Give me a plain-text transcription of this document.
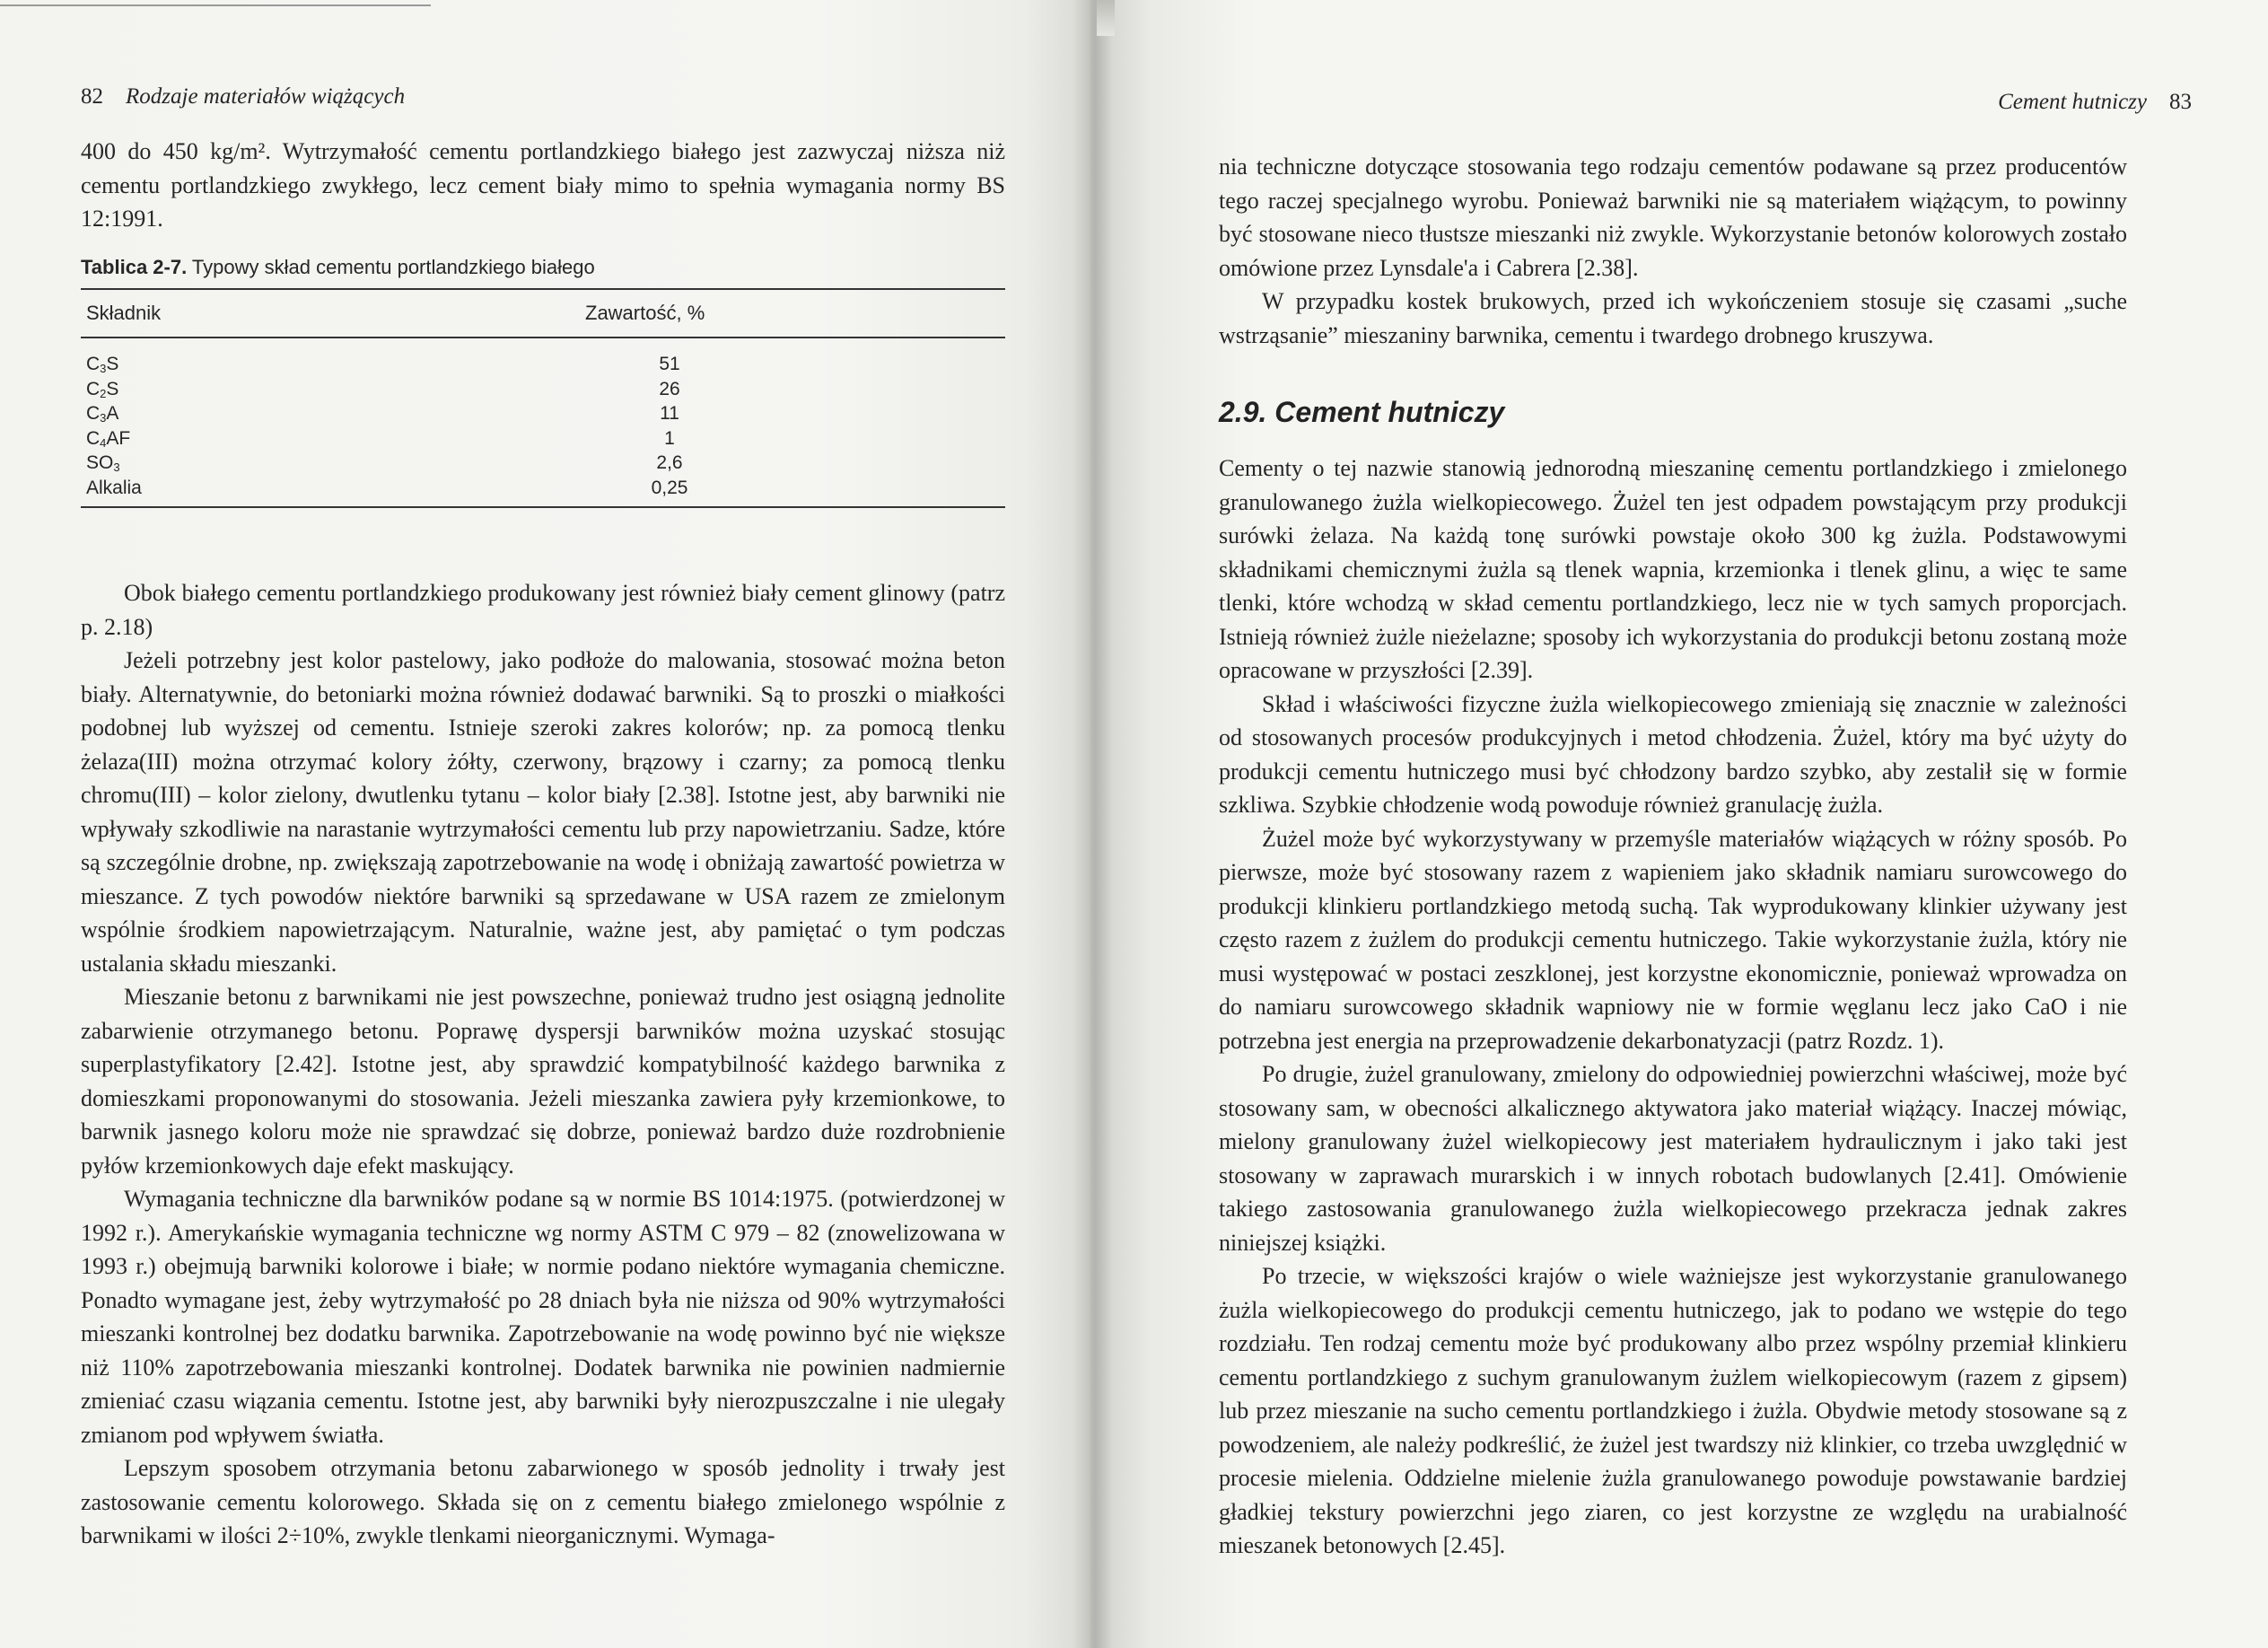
82 Rodzaje materiałów wiążących

400 do 450 kg/m². Wytrzymałość cementu portlandzkiego białego jest zazwyczaj niższa niż cementu portlandzkiego zwykłego, lecz cement biały mimo to spełnia wymagania normy BS 12:1991.

Tablica 2-7. Typowy skład cementu portlandzkiego białego
Składnik	Zawartość, %
$C_3S$	51
$C_2S$	26
$C_3A$	11
$C_4AF$	1
$SO_3$	2,6
Alkalia	0,25

Obok białego cementu portlandzkiego produkowany jest również biały cement glinowy (patrz p. 2.18)

Jeżeli potrzebny jest kolor pastelowy, jako podłoże do malowania, stosować można beton biały. Alternatywnie, do betoniarki można również dodawać barwniki. Są to proszki o miałkości podobnej lub wyższej od cementu. Istnieje szeroki zakres kolorów; np. za pomocą tlenku żelaza(III) można otrzymać kolory żółty, czerwony, brązowy i czarny; za pomocą tlenku chromu(III) – kolor zielony, dwutlenku tytanu – kolor biały [2.38]. Istotne jest, aby barwniki nie wpływały szkodliwie na narastanie wytrzymałości cementu lub przy napowietrzaniu. Sadze, które są szczególnie drobne, np. zwiększają zapotrzebowanie na wodę i obniżają zawartość powietrza w mieszance. Z tych powodów niektóre barwniki są sprzedawane w USA razem ze zmielonym wspólnie środkiem napowietrzającym. Naturalnie, ważne jest, aby pamiętać o tym podczas ustalania składu mieszanki.

Mieszanie betonu z barwnikami nie jest powszechne, ponieważ trudno jest osiągną jednolite zabarwienie otrzymanego betonu. Poprawę dyspersji barwników można uzyskać stosując superplastyfikatory [2.42]. Istotne jest, aby sprawdzić kompatybilność każdego barwnika z domieszkami proponowanymi do stosowania. Jeżeli mieszanka zawiera pyły krzemionkowe, to barwnik jasnego koloru może nie sprawdzać się dobrze, ponieważ bardzo duże rozdrobnienie pyłów krzemionkowych daje efekt maskujący.

Wymagania techniczne dla barwników podane są w normie BS 1014:1975. (potwierdzonej w 1992 r.). Amerykańskie wymagania techniczne wg normy ASTM C 979 – 82 (znowelizowana w 1993 r.) obejmują barwniki kolorowe i białe; w normie podano niektóre wymagania chemiczne. Ponadto wymagane jest, żeby wytrzymałość po 28 dniach była nie niższa od 90% wytrzymałości mieszanki kontrolnej bez dodatku barwnika. Zapotrzebowanie na wodę powinno być nie większe niż 110% zapotrzebowania mieszanki kontrolnej. Dodatek barwnika nie powinien nadmiernie zmieniać czasu wiązania cementu. Istotne jest, aby barwniki były nierozpuszczalne i nie ulegały zmianom pod wpływem światła.

Lepszym sposobem otrzymania betonu zabarwionego w sposób jednolity i trwały jest zastosowanie cementu kolorowego. Składa się on z cementu białego zmielonego wspólnie z barwnikami w ilości 2÷10%, zwykle tlenkami nieorganicznymi. Wymaga-

Cement hutniczy 83

nia techniczne dotyczące stosowania tego rodzaju cementów podawane są przez producentów tego raczej specjalnego wyrobu. Ponieważ barwniki nie są materiałem wiążącym, to powinny być stosowane nieco tłustsze mieszanki niż zwykle. Wykorzystanie betonów kolorowych zostało omówione przez Lynsdale'a i Cabrera [2.38].

W przypadku kostek brukowych, przed ich wykończeniem stosuje się czasami „suche wstrząsanie” mieszaniny barwnika, cementu i twardego drobnego kruszywa.

2.9. Cement hutniczy

Cementy o tej nazwie stanowią jednorodną mieszaninę cementu portlandzkiego i zmielonego granulowanego żużla wielkopiecowego. Żużel ten jest odpadem powstającym przy produkcji surówki żelaza. Na każdą tonę surówki powstaje około 300 kg żużla. Podstawowymi składnikami chemicznymi żużla są tlenek wapnia, krzemionka i tlenek glinu, a więc te same tlenki, które wchodzą w skład cementu portlandzkiego, lecz nie w tych samych proporcjach. Istnieją również żużle nieżelazne; sposoby ich wykorzystania do produkcji betonu zostaną może opracowane w przyszłości [2.39].

Skład i właściwości fizyczne żużla wielkopiecowego zmieniają się znacznie w zależności od stosowanych procesów produkcyjnych i metod chłodzenia. Żużel, który ma być użyty do produkcji cementu hutniczego musi być chłodzony bardzo szybko, aby zestalił się w formie szkliwa. Szybkie chłodzenie wodą powoduje również granulację żużla.

Żużel może być wykorzystywany w przemyśle materiałów wiążących w różny sposób. Po pierwsze, może być stosowany razem z wapieniem jako składnik namiaru surowcowego do produkcji klinkieru portlandzkiego metodą suchą. Tak wyprodukowany klinkier używany jest często razem z żużlem do produkcji cementu hutniczego. Takie wykorzystanie żużla, który nie musi występować w postaci zeszklonej, jest korzystne ekonomicznie, ponieważ wprowadza on do namiaru surowcowego składnik wapniowy nie w formie węglanu lecz jako CaO i nie potrzebna jest energia na przeprowadzenie dekarbonatyzacji (patrz Rozdz. 1).

Po drugie, żużel granulowany, zmielony do odpowiedniej powierzchni właściwej, może być stosowany sam, w obecności alkalicznego aktywatora jako materiał wiążący. Inaczej mówiąc, mielony granulowany żużel wielkopiecowy jest materiałem hydraulicznym i jako taki jest stosowany w zaprawach murarskich i w innych robotach budowlanych [2.41]. Omówienie takiego zastosowania granulowanego żużla wielkopiecowego przekracza jednak zakres niniejszej książki.

Po trzecie, w większości krajów o wiele ważniejsze jest wykorzystanie granulowanego żużla wielkopiecowego do produkcji cementu hutniczego, jak to podano we wstępie do tego rozdziału. Ten rodzaj cementu może być produkowany albo przez wspólny przemiał klinkieru cementu portlandzkiego z suchym granulowanym żużlem wielkopiecowym (razem z gipsem) lub przez mieszanie na sucho cementu portlandzkiego i żużla. Obydwie metody stosowane są z powodzeniem, ale należy podkreślić, że żużel jest twardszy niż klinkier, co trzeba uwzględnić w procesie mielenia. Oddzielne mielenie żużla granulowanego powoduje powstawanie bardziej gładkiej tekstury powierzchni jego ziaren, co jest korzystne ze względu na urabialność mieszanek betonowych [2.45].
